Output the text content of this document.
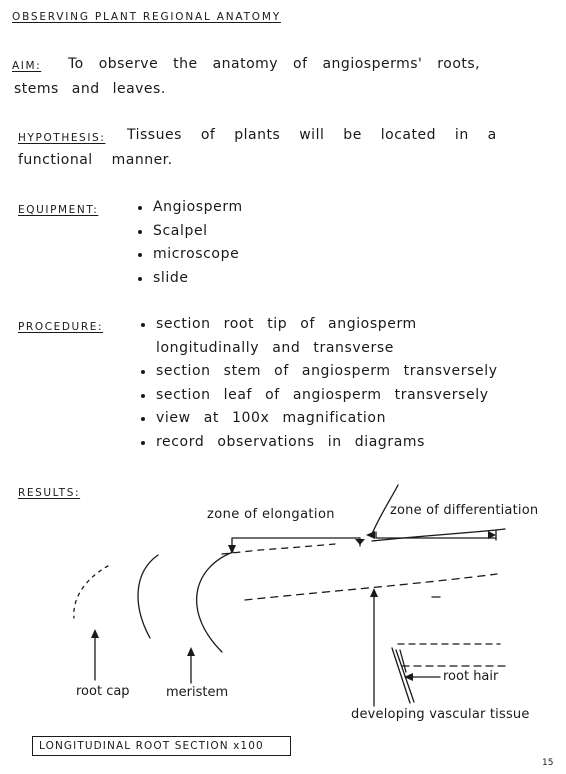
OBSERVING PLANT REGIONAL ANATOMY
AIM: To observe the anatomy of angiosperms' roots,
stems and leaves.
HYPOTHESIS: Tissues of plants will be located in a
functional manner.
EQUIPMENT:	Angiosperm
Scalpel
microscope
slide
PROCEDURE:	section root tip of angiosperm
longitudinally and transverse
section stem of angiosperm transversely
section leaf of angiosperm transversely
view at 100x magnification
record observations in diagrams
RESULTS:
zone of elongation	zone of differentiation
root cap	meristem
root hair
developing vascular tissue
LONGITUDINAL ROOT SECTION x100
15
